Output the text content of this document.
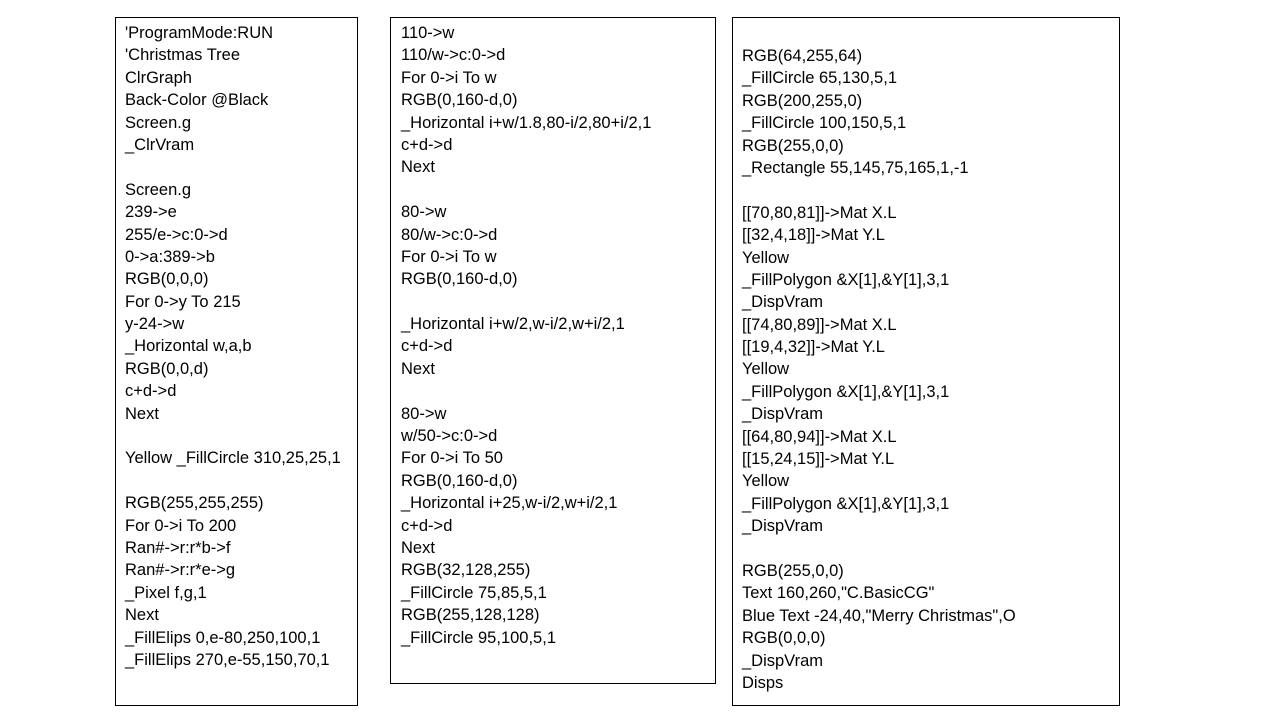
'ProgramMode:RUN
'Christmas Tree
ClrGraph
Back-Color @Black
Screen.g
_ClrVram
Screen.g
239->e
255/e->c:0->d
0->a:389->b
RGB(0,0,0)
For 0->y To 215
y-24->w
_Horizontal w,a,b
RGB(0,0,d)
c+d->d
Next
Yellow _FillCircle 310,25,25,1
RGB(255,255,255)
For 0->i To 200
Ran#->r:r*b->f
Ran#->r:r*e->g
_Pixel f,g,1
Next
_FillElips 0,e-80,250,100,1
_FillElips 270,e-55,150,70,1
110->w
110/w->c:0->d
For 0->i To w
RGB(0,160-d,0)
_Horizontal i+w/1.8,80-i/2,80+i/2,1
c+d->d
Next
80->w
80/w->c:0->d
For 0->i To w
RGB(0,160-d,0)
_Horizontal i+w/2,w-i/2,w+i/2,1
c+d->d
Next
80->w
w/50->c:0->d
For 0->i To 50
RGB(0,160-d,0)
_Horizontal i+25,w-i/2,w+i/2,1
c+d->d
Next
RGB(32,128,255)
_FillCircle 75,85,5,1
RGB(255,128,128)
_FillCircle 95,100,5,1
RGB(64,255,64)
_FillCircle 65,130,5,1
RGB(200,255,0)
_FillCircle 100,150,5,1
RGB(255,0,0)
_Rectangle 55,145,75,165,1,-1
[[70,80,81]]->Mat X.L
[[32,4,18]]->Mat Y.L
Yellow
_FillPolygon &X[1],&Y[1],3,1
_DispVram
[[74,80,89]]->Mat X.L
[[19,4,32]]->Mat Y.L
Yellow
_FillPolygon &X[1],&Y[1],3,1
_DispVram
[[64,80,94]]->Mat X.L
[[15,24,15]]->Mat Y.L
Yellow
_FillPolygon &X[1],&Y[1],3,1
_DispVram
RGB(255,0,0)
Text 160,260,"C.BasicCG"
Blue Text -24,40,"Merry Christmas",O
RGB(0,0,0)
_DispVram
Disps
